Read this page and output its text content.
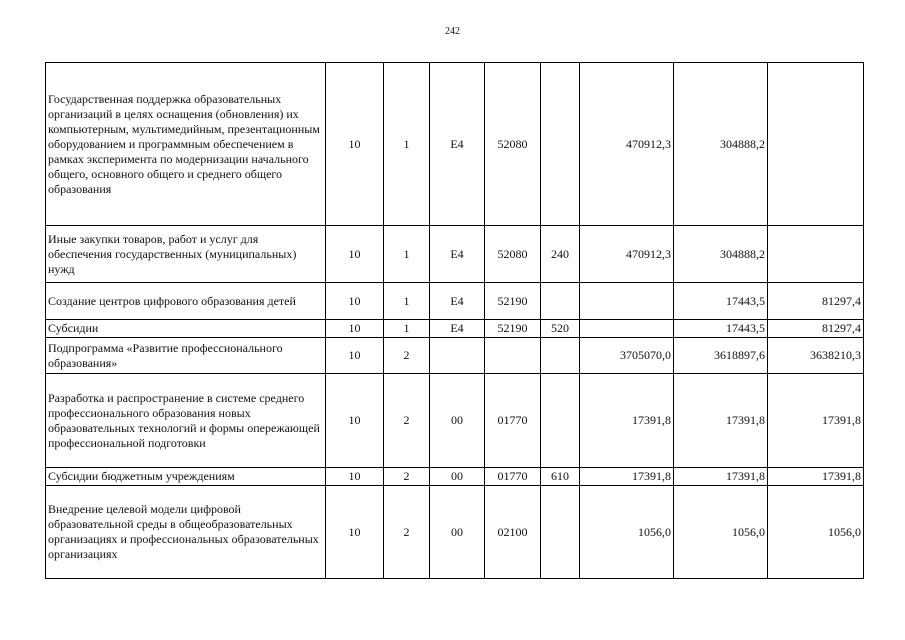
242
Государственная поддержка образовательных организаций в целях оснащения (обновления) их компьютерным, мультимедийным, презентационным оборудованием и программным обеспечением в рамках эксперимента по модернизации начального общего, основного общего и среднего общего образования	10	1	E4	52080		470912,3	304888,2	
Иные закупки товаров, работ и услуг для обеспечения государственных (муниципальных) нужд	10	1	E4	52080	240	470912,3	304888,2	
Создание центров цифрового образования детей	10	1	E4	52190			17443,5	81297,4
Субсидии	10	1	E4	52190	520		17443,5	81297,4
Подпрограмма «Развитие профессионального образования»	10	2				3705070,0	3618897,6	3638210,3
Разработка и распространение в системе среднего профессионального образования новых образовательных технологий и формы опережающей профессиональной подготовки	10	2	00	01770		17391,8	17391,8	17391,8
Субсидии бюджетным учреждениям	10	2	00	01770	610	17391,8	17391,8	17391,8
Внедрение целевой модели цифровой образовательной среды в общеобразовательных организациях и профессиональных образовательных организациях	10	2	00	02100		1056,0	1056,0	1056,0
